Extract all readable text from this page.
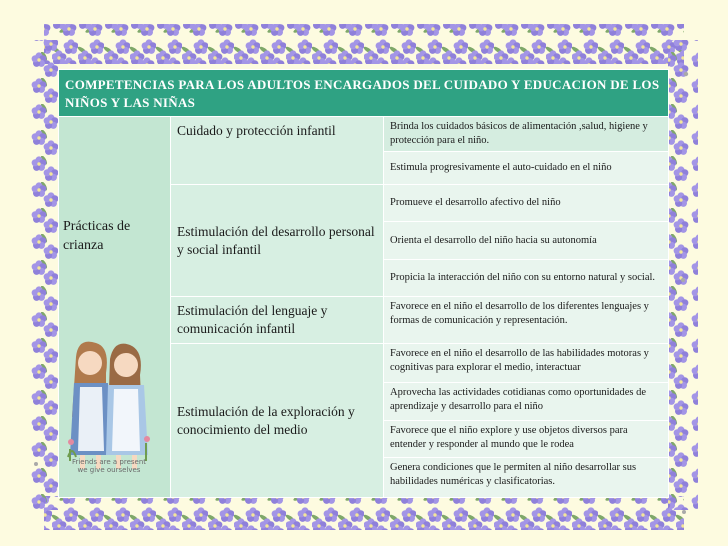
COMPETENCIAS PARA LOS ADULTOS ENCARGADOS DEL CUIDADO Y EDUCACION DE LOS NIÑOS Y LAS NIÑAS		

Prácticas de crianza	Cuidado y protección infantil	Brinda los cuidados básicos de alimentación ,salud, higiene y protección para el niño.
		Estimula progresivamente el auto-cuidado en el niño
	Estimulación del desarrollo personal y social infantil	Promueve el desarrollo afectivo del niño
		Orienta el desarrollo del niño hacia su autonomía
		Propicia la interacción del niño con su entorno natural y social.
	Estimulación del lenguaje y comunicación infantil	Favorece en el niño el desarrollo de los diferentes lenguajes y formas de comunicación y representación.
	Estimulación de la exploración y conocimiento del medio	Favorece en el niño el desarrollo de las habilidades motoras y cognitivas para explorar el medio, interactuar
		Aprovecha las actividades cotidianas como oportunidades de aprendizaje y desarrollo para el niño
		Favorece que el niño explore y use objetos diversos para entender y responder al mundo que le rodea
		Genera condiciones que le permiten al niño desarrollar sus habilidades numéricas y clasificatorias.
Friends are a present we give ourselves
